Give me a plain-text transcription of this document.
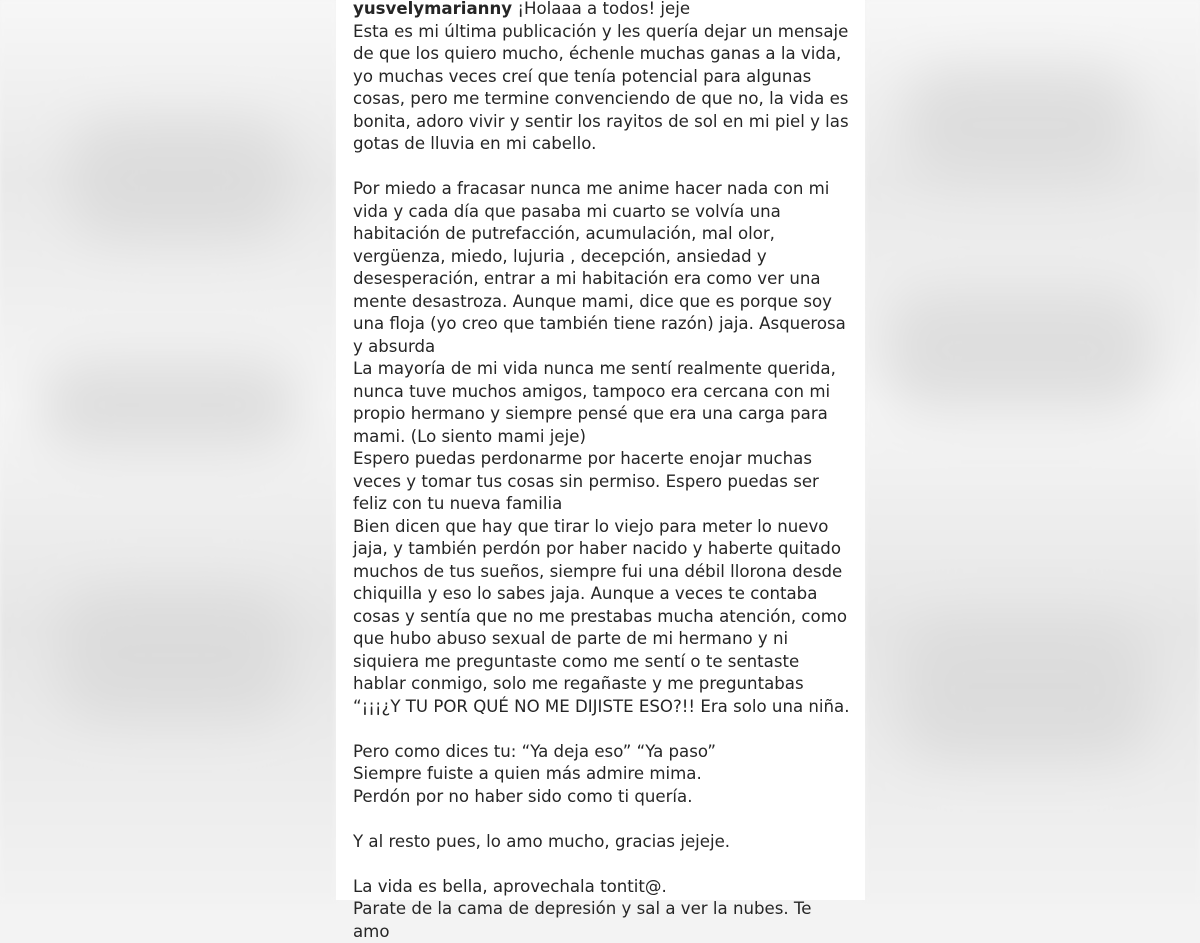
yusvelymarianny ¡Holaaa a todos! jeje
Esta es mi última publicación y les quería dejar un mensaje de que los quiero mucho, échenle muchas ganas a la vida, yo muchas veces creí que tenía potencial para algunas cosas, pero me termine convenciendo de que no, la vida es bonita, adoro vivir y sentir los rayitos de sol en mi piel y las gotas de lluvia en mi cabello.

Por miedo a fracasar nunca me anime hacer nada con mi vida y cada día que pasaba mi cuarto se volvía una habitación de putrefacción, acumulación, mal olor, vergüenza, miedo, lujuria , decepción, ansiedad y desesperación, entrar a mi habitación era como ver una mente desastroza. Aunque mami, dice que es porque soy una floja (yo creo que también tiene razón) jaja. Asquerosa y absurda
La mayoría de mi vida nunca me sentí realmente querida, nunca tuve muchos amigos, tampoco era cercana con mi propio hermano y siempre pensé que era una carga para mami. (Lo siento mami jeje)
Espero puedas perdonarme por hacerte enojar muchas veces y tomar tus cosas sin permiso. Espero puedas ser feliz con tu nueva familia
Bien dicen que hay que tirar lo viejo para meter lo nuevo jaja, y también perdón por haber nacido y haberte quitado muchos de tus sueños, siempre fui una débil llorona desde chiquilla y eso lo sabes jaja. Aunque a veces te contaba cosas y sentía que no me prestabas mucha atención, como que hubo abuso sexual de parte de mi hermano y ni siquiera me preguntaste como me sentí o te sentaste hablar conmigo, solo me regañaste y me preguntabas “¡¡¡¿Y TU POR QUÉ NO ME DIJISTE ESO?!! Era solo una niña.

Pero como dices tu: “Ya deja eso” “Ya paso”
Siempre fuiste a quien más admire mima.
Perdón por no haber sido como ti quería.

Y al resto pues, lo amo mucho, gracias jejeje.

La vida es bella, aprovechala tontit@.
Parate de la cama de depresión y sal a ver la nubes. Te amo
